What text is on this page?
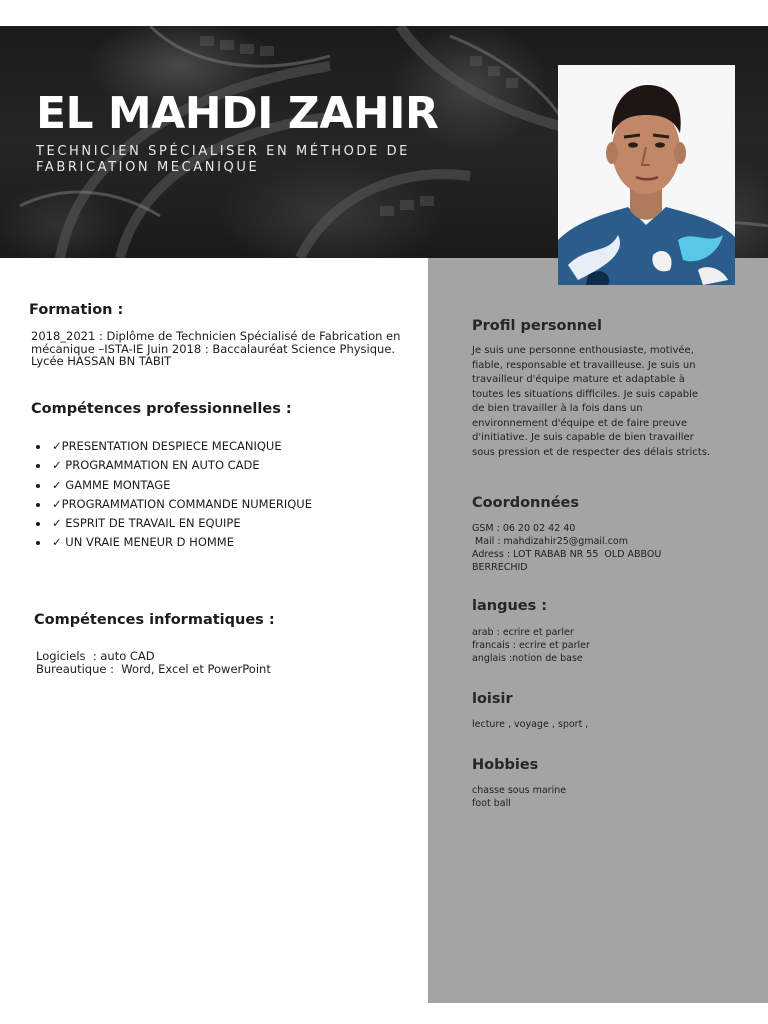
EL MAHDI ZAHIR
TECHNICIEN SPÉCIALISER EN MÉTHODE DE
FABRICATION MECANIQUE
Formation :
2018_2021 : Diplôme de Technicien Spécialisé de Fabrication en
mécanique –ISTA-IE Juin 2018 : Baccalauréat Science Physique.
Lycée HASSAN BN TABIT
Compétences professionnelles :
✓PRESENTATION DESPIECE MECANIQUE
✓ PROGRAMMATION EN AUTO CADE
✓ GAMME MONTAGE
✓PROGRAMMATION COMMANDE NUMERIQUE
✓ ESPRIT DE TRAVAIL EN EQUIPE
✓ UN VRAIE MENEUR D HOMME
Compétences informatiques :
Logiciels  : auto CAD
Bureautique :  Word, Excel et PowerPoint
Profil personnel
Je suis une personne enthousiaste, motivée,
fiable, responsable et travailleuse. Je suis un
travailleur d'équipe mature et adaptable à
toutes les situations difficiles. Je suis capable
de bien travailler à la fois dans un
environnement d'équipe et de faire preuve
d'initiative. Je suis capable de bien travailler
sous pression et de respecter des délais stricts.
Coordonnées
GSM : 06 20 02 42 40
Mail : mahdizahir25@gmail.com
Adress : LOT RABAB NR 55  OLD ABBOU
BERRECHID
langues :
arab : ecrire et parler
francais : ecrire et parler
anglais :notion de base
loisir
lecture , voyage , sport ,
Hobbies
chasse sous marine
foot ball
